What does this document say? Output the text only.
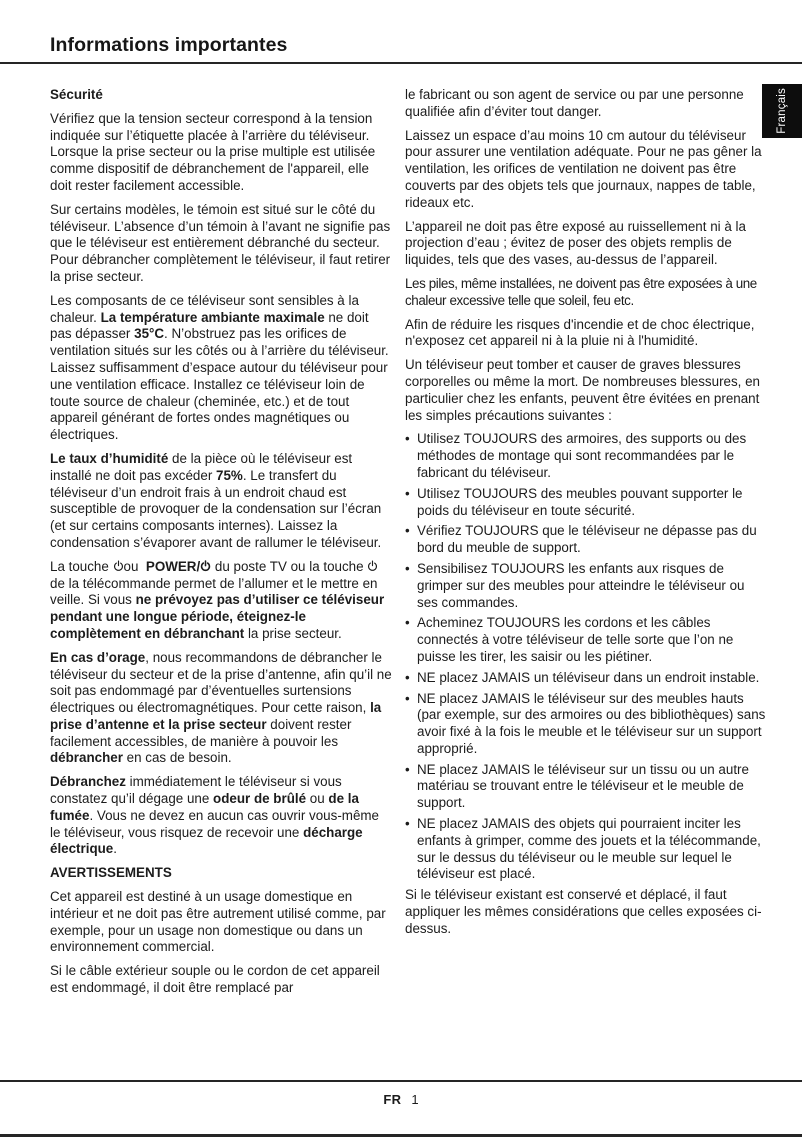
Informations importantes
Français
Sécurité
Vérifiez que la tension secteur correspond à la tension indiquée sur l’étiquette placée à l’arrière du téléviseur. Lorsque la prise secteur ou la prise multiple est utilisée comme dispositif de débranchement de l'appareil, elle doit rester facilement accessible.
Sur certains modèles, le témoin est situé sur le côté du téléviseur. L’absence d’un témoin à l’avant ne signifie pas que le téléviseur est entièrement débranché du secteur. Pour débrancher complètement le téléviseur, il faut retirer la prise secteur.
Les composants de ce téléviseur sont sensibles à la chaleur. La température ambiante maximale ne doit pas dépasser 35°C. N’obstruez pas les orifices de ventilation situés sur les côtés ou à l’arrière du téléviseur. Laissez suffisamment d’espace autour du téléviseur pour une ventilation efficace. Installez ce téléviseur loin de toute source de chaleur (cheminée, etc.) et de tout appareil générant de fortes ondes magnétiques ou électriques.
Le taux d’humidité de la pièce où le téléviseur est installé ne doit pas excéder 75%. Le transfert du téléviseur d’un endroit frais à un endroit chaud est susceptible de provoquer de la condensation sur l’écran (et sur certains composants internes). Laissez la condensation s’évaporer avant de rallumer le téléviseur.
La touche ou  POWER/ du poste TV ou la touche  de la télécommande permet de l’allumer et le mettre en veille. Si vous ne prévoyez pas d’utiliser ce téléviseur pendant une longue période, éteignez-le complètement en débranchant la prise secteur.
En cas d’orage, nous recommandons de débrancher le téléviseur du secteur et de la prise d’antenne, afin qu’il ne soit pas endommagé par d’éventuelles surtensions électriques ou électromagnétiques. Pour cette raison, la prise d’antenne et la prise secteur doivent rester facilement accessibles, de manière à pouvoir les débrancher en cas de besoin.
Débranchez immédiatement le téléviseur si vous constatez qu’il dégage une odeur de brûlé ou de la fumée. Vous ne devez en aucun cas ouvrir vous-même le téléviseur, vous risquez de recevoir une décharge électrique.
AVERTISSEMENTS
Cet appareil est destiné à un usage domestique en intérieur et ne doit pas être autrement utilisé comme, par exemple, pour un usage non domestique ou dans un environnement commercial.
Si le câble extérieur souple ou le cordon de cet appareil est endommagé, il doit être remplacé par
le fabricant ou son agent de service ou par une personne qualifiée afin d’éviter tout danger.
Laissez un espace d’au moins 10 cm autour du téléviseur pour assurer une ventilation adéquate. Pour ne pas gêner la ventilation, les orifices de ventilation ne doivent pas être couverts par des objets tels que journaux, nappes de table, rideaux etc.
L’appareil ne doit pas être exposé au ruissellement ni à la projection d’eau ; évitez de poser des objets remplis de liquides, tels que des vases, au-dessus de l’appareil.
Les piles, même installées, ne doivent pas être exposées à une chaleur excessive telle que soleil, feu etc.
Afin de réduire les risques d'incendie et de choc électrique, n'exposez cet appareil ni à la pluie ni à l'humidité.
Un téléviseur peut tomber et causer de graves blessures corporelles ou même la mort. De nombreuses blessures, en particulier chez les enfants, peuvent être évitées en prenant les simples précautions suivantes :
• Utilisez TOUJOURS des armoires, des supports ou des méthodes de montage qui sont recommandées par le fabricant du téléviseur.
• Utilisez TOUJOURS des meubles pouvant supporter le poids du téléviseur en toute sécurité.
• Vérifiez TOUJOURS que le téléviseur ne dépasse pas du bord du meuble de support.
• Sensibilisez TOUJOURS les enfants aux risques de grimper sur des meubles pour atteindre le téléviseur ou ses commandes.
• Acheminez TOUJOURS les cordons et les câbles connectés à votre téléviseur de telle sorte que l’on ne puisse les tirer, les saisir ou les piétiner.
• NE placez JAMAIS un téléviseur dans un endroit instable.
• NE placez JAMAIS le téléviseur sur des meubles hauts (par exemple, sur des armoires ou des bibliothèques) sans avoir fixé à la fois le meuble et le téléviseur sur un support approprié.
• NE placez JAMAIS le téléviseur sur un tissu ou un autre matériau se trouvant entre le téléviseur et le meuble de support.
• NE placez JAMAIS des objets qui pourraient inciter les enfants à grimper, comme des jouets et la télécommande, sur le dessus du téléviseur ou le meuble sur lequel le téléviseur est placé.
Si le téléviseur existant est conservé et déplacé, il faut appliquer les mêmes considérations que celles exposées ci-dessus.
FR 1
